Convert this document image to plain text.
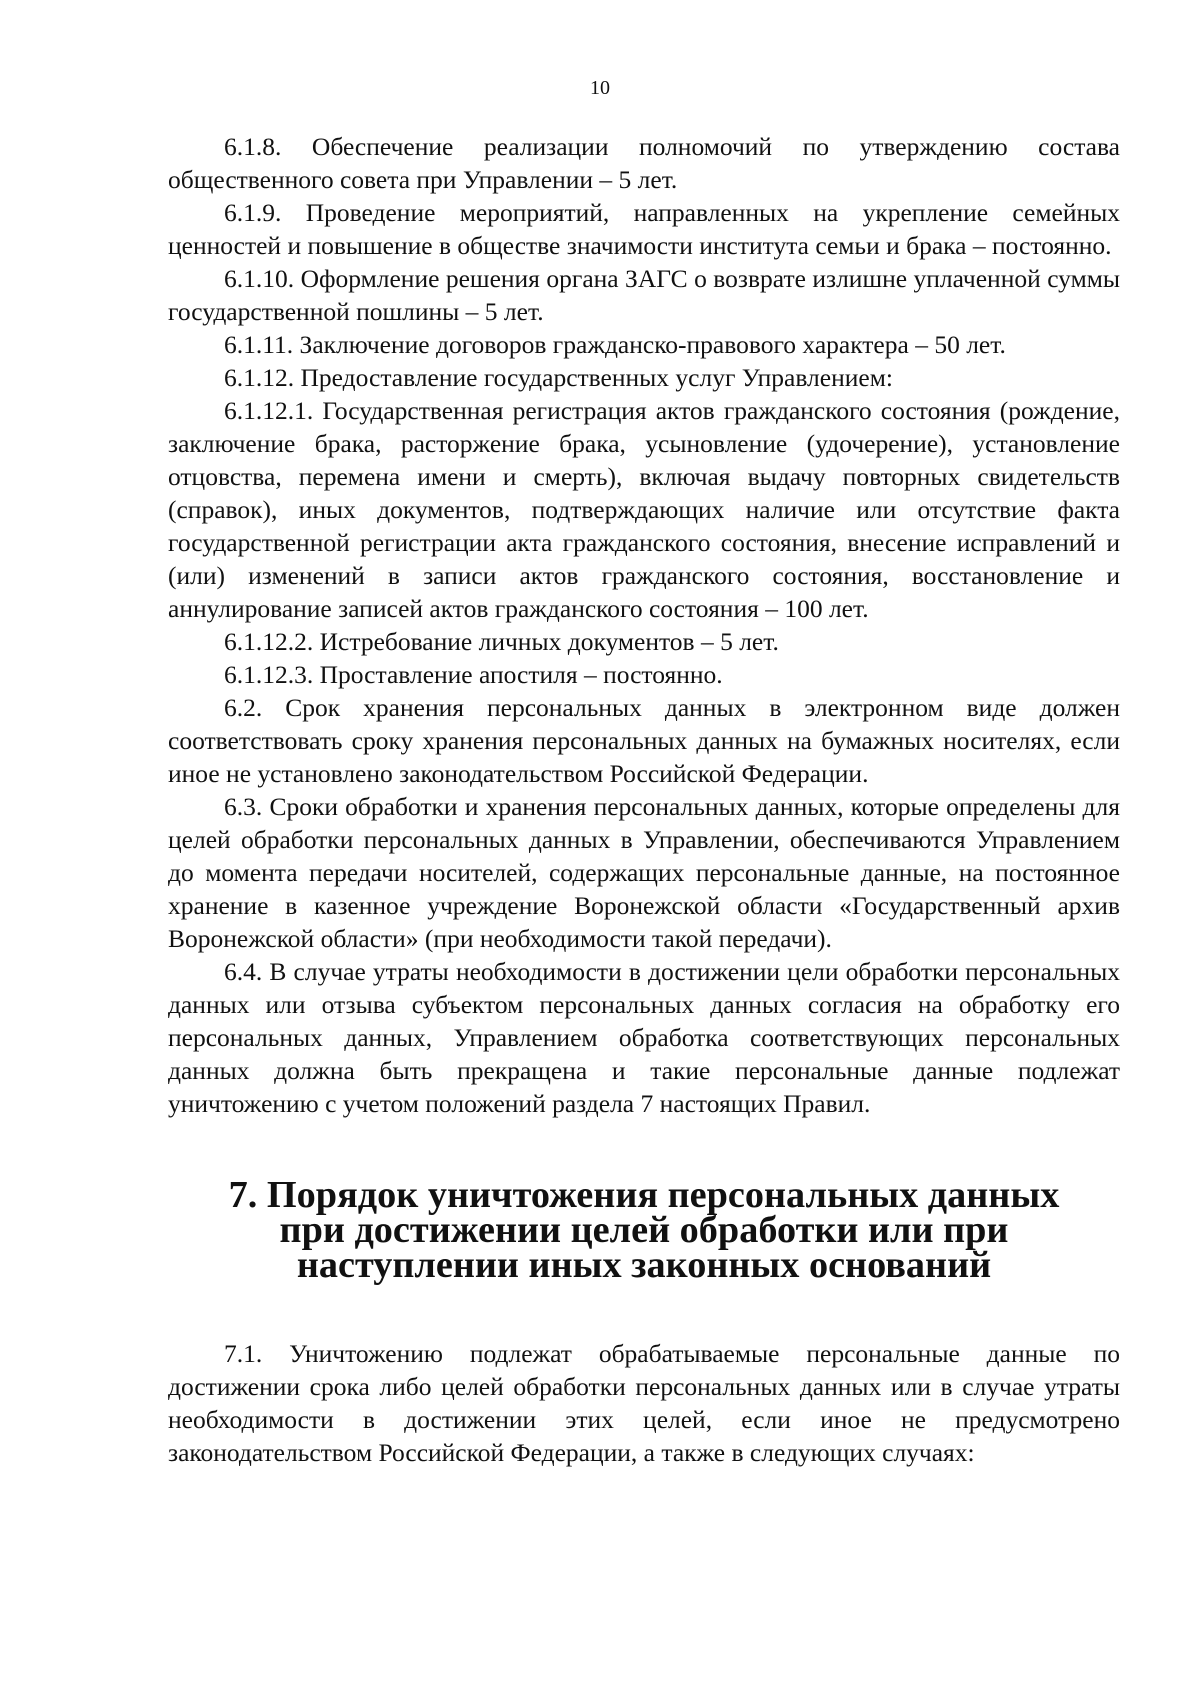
10

6.1.8. Обеспечение реализации полномочий по утверждению состава общественного совета при Управлении – 5 лет.

6.1.9. Проведение мероприятий, направленных на укрепление семейных ценностей и повышение в обществе значимости института семьи и брака – постоянно.

6.1.10. Оформление решения органа ЗАГС о возврате излишне уплаченной суммы государственной пошлины – 5 лет.

6.1.11. Заключение договоров гражданско-правового характера – 50 лет.

6.1.12. Предоставление государственных услуг Управлением:

6.1.12.1. Государственная регистрация актов гражданского состояния (рождение, заключение брака, расторжение брака, усыновление (удочерение), установление отцовства, перемена имени и смерть), включая выдачу повторных свидетельств (справок), иных документов, подтверждающих наличие или отсутствие факта государственной регистрации акта гражданского состояния, внесение исправлений и (или) изменений в записи актов гражданского состояния, восстановление и аннулирование записей актов гражданского состояния – 100 лет.

6.1.12.2. Истребование личных документов – 5 лет.

6.1.12.3. Проставление апостиля – постоянно.

6.2. Срок хранения персональных данных в электронном виде должен соответствовать сроку хранения персональных данных на бумажных носителях, если иное не установлено законодательством Российской Федерации.

6.3. Сроки обработки и хранения персональных данных, которые определены для целей обработки персональных данных в Управлении, обеспечиваются Управлением до момента передачи носителей, содержащих персональные данные, на постоянное хранение в казенное учреждение Воронежской области «Государственный архив Воронежской области» (при необходимости такой передачи).

6.4. В случае утраты необходимости в достижении цели обработки персональных данных или отзыва субъектом персональных данных согласия на обработку его персональных данных, Управлением обработка соответствующих персональных данных должна быть прекращена и такие персональные данные подлежат уничтожению с учетом положений раздела 7 настоящих Правил.

7. Порядок уничтожения персональных данных при достижении целей обработки или при наступлении иных законных оснований

7.1. Уничтожению подлежат обрабатываемые персональные данные по достижении срока либо целей обработки персональных данных или в случае утраты необходимости в достижении этих целей, если иное не предусмотрено законодательством Российской Федерации, а также в следующих случаях:
